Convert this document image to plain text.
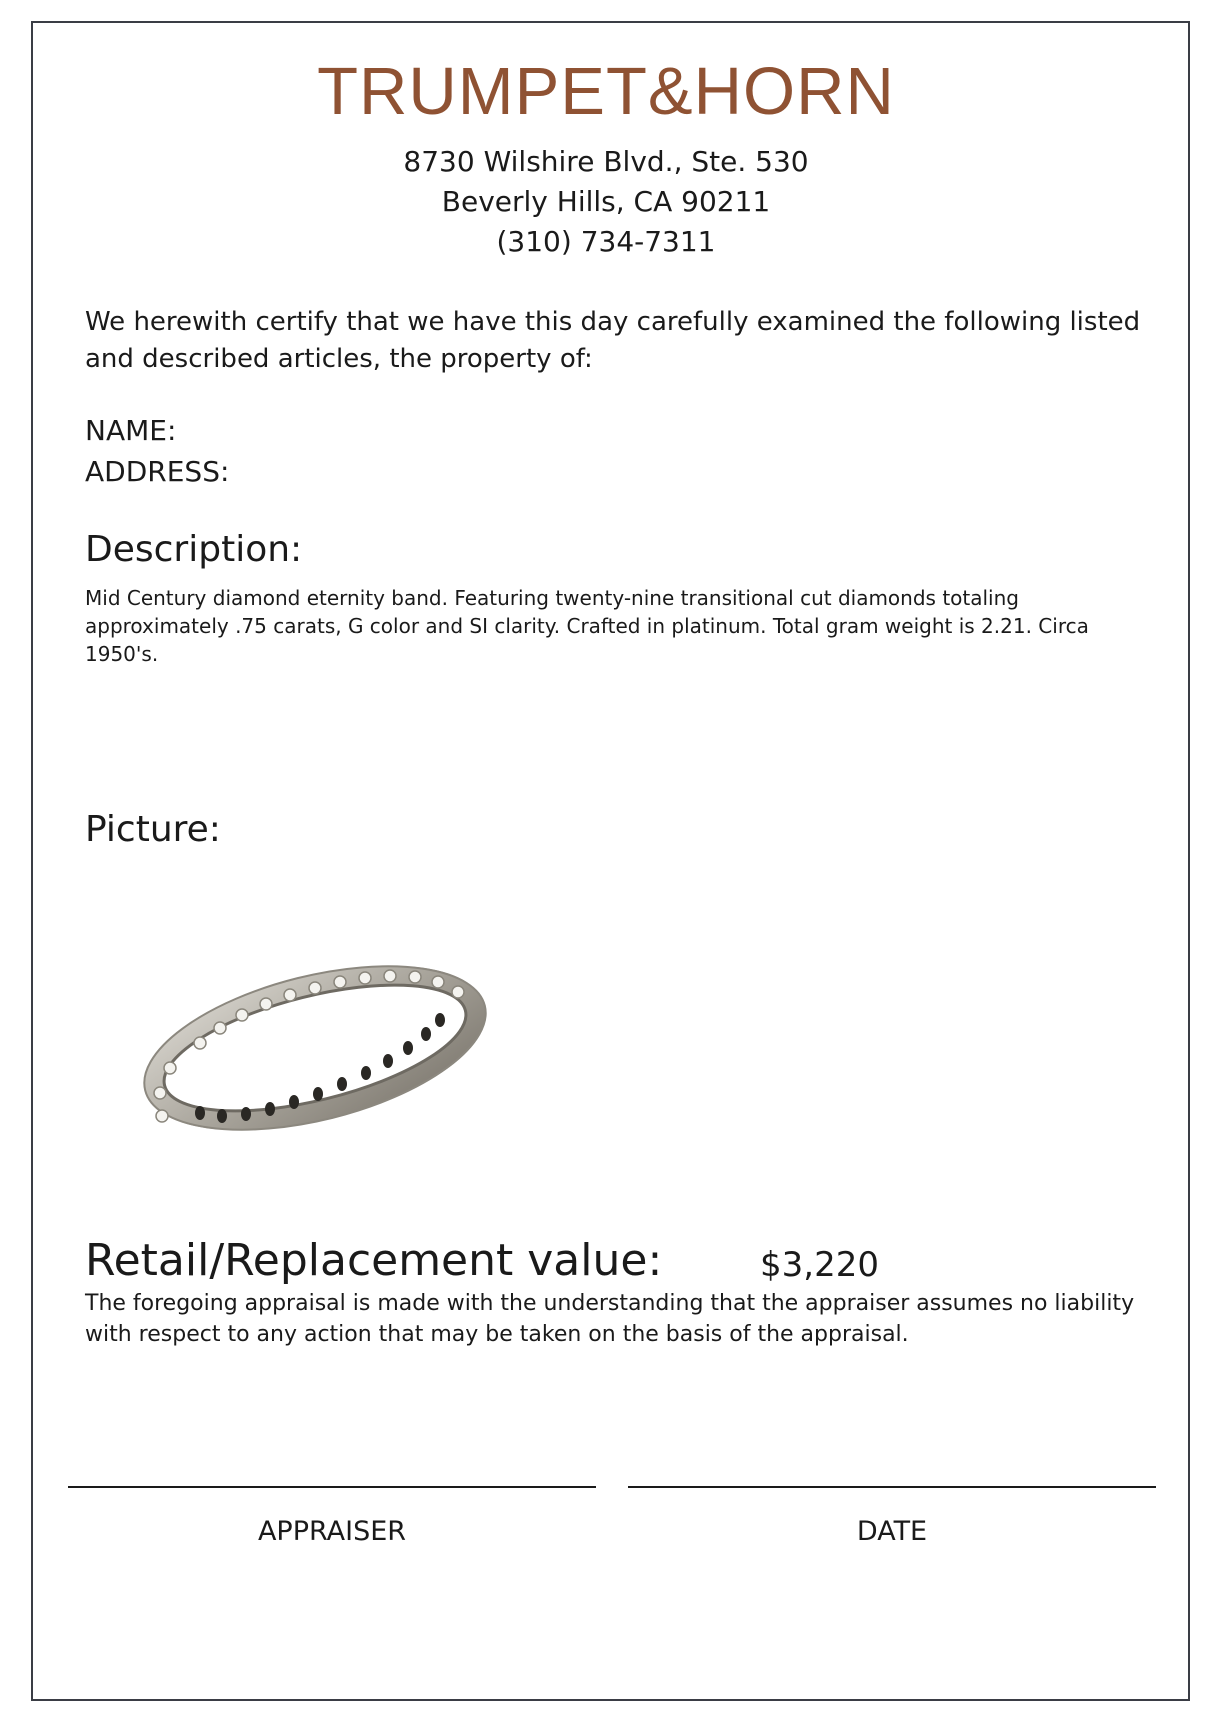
TRUMPET&HORN
8730 Wilshire Blvd., Ste. 530
Beverly Hills, CA 90211
(310) 734-7311
We herewith certify that we have this day carefully examined the following listed and described articles, the property of:
NAME:
ADDRESS:
Description:
Mid Century diamond eternity band. Featuring twenty-nine transitional cut diamonds totaling approximately .75 carats, G color and SI clarity. Crafted in platinum. Total gram weight is 2.21. Circa 1950's.
Picture:
Retail/Replacement value:	$3,220
The foregoing appraisal is made with the understanding that the appraiser assumes no liability with respect to any action that may be taken on the basis of the appraisal.
APPRAISER	DATE
